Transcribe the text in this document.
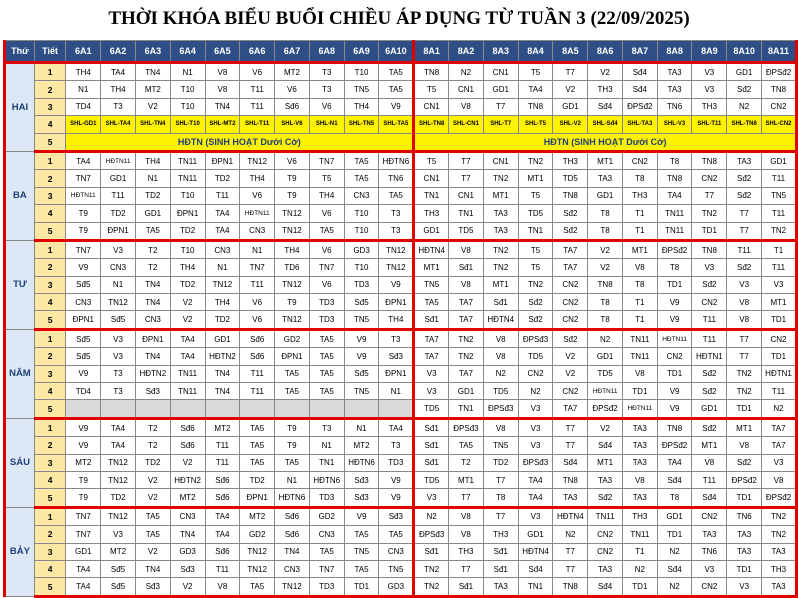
THỜI KHÓA BIỂU BUỔI CHIỀU ÁP DỤNG TỪ TUẦN 3 (22/09/2025)
Thứ	Tiết	6A1	6A2	6A3	6A4	6A5	6A6	6A7	6A8	6A9	6A10	8A1	8A2	8A3	8A4	8A5	8A6	8A7	8A8	8A9	8A10	8A11
HAI	1	TH4	TA4	TN4	N1	V8	V6	MT2	T3	T10	TA5	TN8	N2	CN1	T5	T7	V2	Sđ4	TA3	V3	GD1	ĐPSđ2
	2	N1	TH4	MT2	T10	V8	T11	V6	T3	TN5	TA5	T5	CN1	GD1	TA4	V2	TH3	Sđ4	TA3	V3	Sđ2	TN8
	3	TD4	T3	V2	T10	TN4	T11	Sđ6	V6	TH4	V9	CN1	V8	T7	TN8	GD1	Sđ4	ĐPSđ2	TN6	TH3	N2	CN2
	4	SHL-GD1	SHL-TA4	SHL-TN4	SHL-T10	SHL-MT2	SHL-T11	SHL-V6	SHL-N1	SHL-TN5	SHL-TA5	SHL-TN8	SHL-CN1	SHL-T7	SHL-T5	SHL-V2	SHL-Sđ4	SHL-TA3	SHL-V3	SHL-T11	SHL-TN6	SHL-CN2
	5	HĐTN (SINH HOẠT Dưới Cờ)										HĐTN (SINH HOẠT Dưới Cờ)										
BA	1	TA4	HĐTN11	TH4	TN11	ĐPN1	TN12	V6	TN7	TA5	HĐTN6	T5	T7	CN1	TN2	TH3	MT1	CN2	T8	TN8	TA3	GD1
	2	TN7	GD1	N1	TN11	TD2	TH4	T9	T5	TA5	TN6	CN1	T7	TN2	MT1	TD5	TA3	T8	TN8	CN2	Sđ2	T11
	3	HĐTN11	T11	TD2	T10	T11	V6	T9	TH4	CN3	TA5	TN1	CN1	MT1	T5	TN8	GD1	TH3	TA4	T7	Sđ2	TN5
	4	T9	TD2	GD1	ĐPN1	TA4	HĐTN11	TN12	V6	T10	T3	TH3	TN1	TA3	TD5	Sđ2	T8	T1	TN11	TN2	T7	T11
	5	T9	ĐPN1	TA5	TD2	TA4	CN3	TN12	TA5	T10	T3	GD1	TD5	TA3	TN1	Sđ2	T8	T1	TN11	TD1	T7	TN2
TƯ	1	TN7	V3	T2	T10	CN3	N1	TH4	V6	GD3	TN12	HĐTN4	V8	TN2	T5	TA7	V2	MT1	ĐPSđ2	TN8	T11	T1
	2	V9	CN3	T2	TH4	N1	TN7	TD6	TN7	T10	TN12	MT1	Sđ1	TN2	T5	TA7	V2	V8	T8	V3	Sđ2	T11
	3	Sđ5	N1	TN4	TD2	TN12	T11	TN12	V6	TD3	V9	TN5	V8	MT1	TN2	CN2	TN8	T8	TD1	Sđ2	V3	V3
	4	CN3	TN12	TN4	V2	TH4	V6	T9	TD3	Sđ5	ĐPN1	TA5	TA7	Sđ1	Sđ2	CN2	T8	T1	V9	CN2	V8	MT1
	5	ĐPN1	Sđ5	CN3	V2	TD2	V6	TN12	TD3	TN5	TH4	Sđ1	TA7	HĐTN4	Sđ2	CN2	T8	T1	V9	T11	V8	TD1
NĂM	1	Sđ5	V3	ĐPN1	TA4	GD1	Sđ6	GD2	TA5	V9	T3	TA7	TN2	V8	ĐPSđ3	Sđ2	N2	TN11	HĐTN11	T11	T7	CN2
	2	Sđ5	V3	TN4	TA4	HĐTN2	Sđ6	ĐPN1	TA5	V9	Sđ3	TA7	TN2	V8	TD5	V2	GD1	TN11	CN2	HĐTN1	T7	TD1
	3	V9	T3	HĐTN2	TN11	TN4	T11	TA5	TA5	Sđ5	ĐPN1	V3	TA7	N2	CN2	V2	TD5	V8	TD1	Sđ2	TN2	HĐTN1
	4	TD4	T3	Sđ3	TN11	TN4	T11	TA5	TA5	TN5	N1	V3	GD1	TD5	N2	CN2	HĐTN11	TD1	V9	Sđ2	TN2	T11
	5											TD5	TN1	ĐPSđ3	V3	TA7	ĐPSđ2	HĐTN11	V9	GD1	TD1	N2
SÁU	1	V9	TA4	T2	Sđ6	MT2	TA5	T9	T3	N1	TA4	Sđ1	ĐPSđ3	V8	V3	T7	V2	TA3	TN8	Sđ2	MT1	TA7
	2	V9	TA4	T2	Sđ6	T11	TA5	T9	N1	MT2	T3	Sđ1	TA5	TN5	V3	T7	Sđ4	TA3	ĐPSđ2	MT1	V8	TA7
	3	MT2	TN12	TD2	V2	T11	TA5	TA5	TN1	HĐTN6	TD3	Sđ1	T2	TD2	ĐPSđ3	Sđ4	MT1	TA3	TA4	V8	Sđ2	V3
	4	T9	TN12	V2	HĐTN2	Sđ6	TD2	N1	HĐTN6	Sđ3	V9	TD5	MT1	T7	TA4	TN8	TA3	V8	Sđ4	T11	ĐPSđ2	V8
	5	T9	TD2	V2	MT2	Sđ6	ĐPN1	HĐTN6	TD3	Sđ3	V9	V3	T7	T8	TA4	TA3	Sđ2	TA3	T8	Sđ4	TD1	ĐPSđ2
BẢY	1	TN7	TN12	TA5	CN3	TA4	MT2	Sđ6	GD2	V9	Sđ3	N2	V8	T7	V3	HĐTN4	TN11	TH3	GD1	CN2	TN6	TN2
	2	TN7	V3	TA5	TN4	TA4	GD2	Sđ6	CN3	TA5	TA5	ĐPSđ3	V8	TH3	GD1	N2	CN2	TN11	TD1	TA3	TA3	TN2
	3	GD1	MT2	V2	GD3	Sđ6	TN12	TN4	TA5	TN5	CN3	Sđ1	TH3	Sđ1	HĐTN4	T7	CN2	T1	N2	TN6	TA3	TA3
	4	TA4	Sđ5	TN4	Sđ3	T11	TN12	CN3	TN7	TA5	TN5	TN2	T7	Sđ1	Sđ4	T7	TA3	N2	Sđ4	V3	TD1	TH3
	5	TA4	Sđ5	Sđ3	V2	V8	TA5	TN12	TD3	TD1	GD3	TN2	Sđ1	TA3	TN1	TN8	Sđ4	TD1	N2	CN2	V3	TA3
